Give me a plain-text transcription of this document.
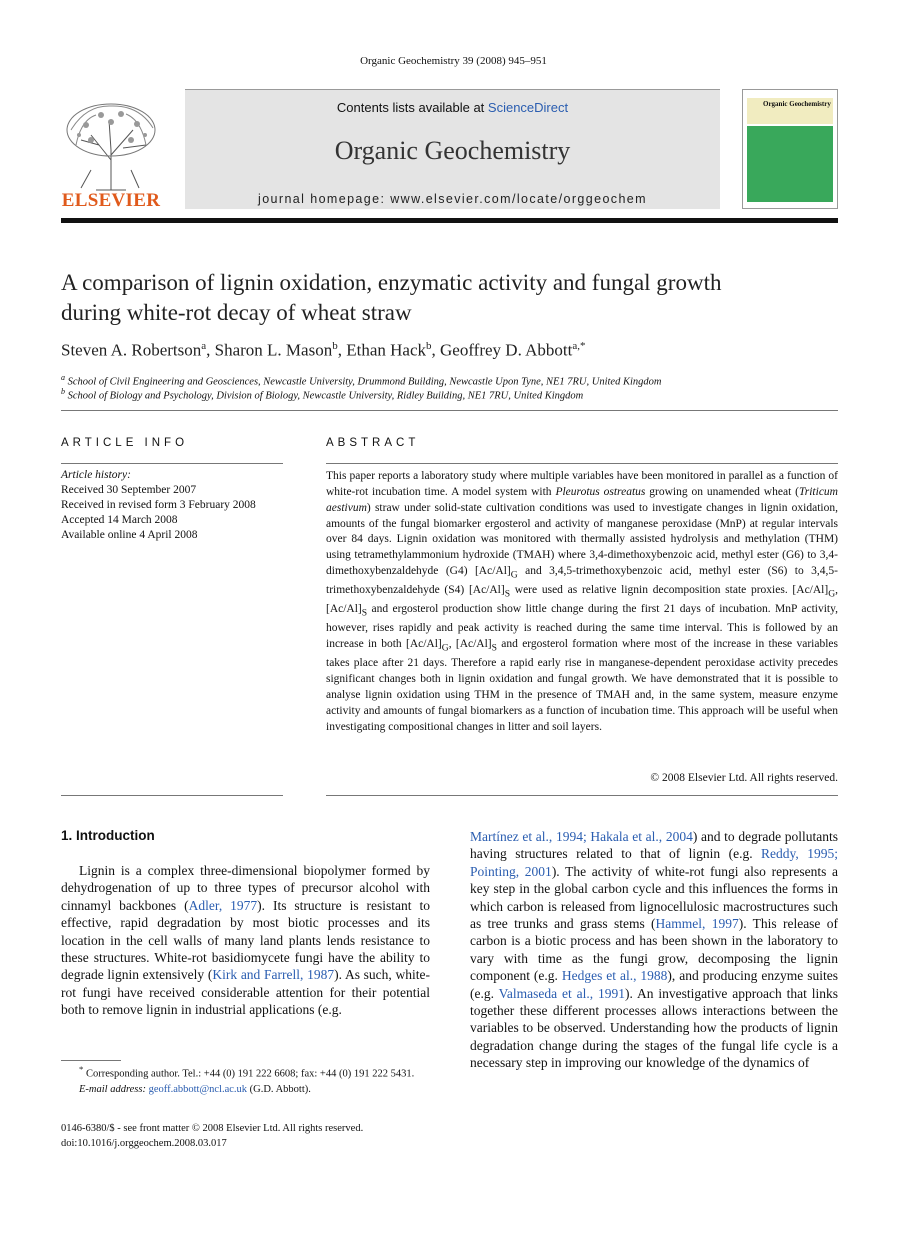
Organic Geochemistry 39 (2008) 945–951
ELSEVIER
Contents lists available at ScienceDirect
Organic Geochemistry
journal homepage: www.elsevier.com/locate/orggeochem
Organic Geochemistry
A comparison of lignin oxidation, enzymatic activity and fungal growth during white-rot decay of wheat straw
Steven A. Robertson$^a$, Sharon L. Mason$^b$, Ethan Hack$^b$, Geoffrey D. Abbott$^{a,*}$
$^a$ School of Civil Engineering and Geosciences, Newcastle University, Drummond Building, Newcastle Upon Tyne, NE1 7RU, United Kingdom
$^b$ School of Biology and Psychology, Division of Biology, Newcastle University, Ridley Building, NE1 7RU, United Kingdom
ARTICLE INFO	ABSTRACT
Article history:
Received 30 September 2007
Received in revised form 3 February 2008
Accepted 14 March 2008
Available online 4 April 2008
This paper reports a laboratory study where multiple variables have been monitored in parallel as a function of white-rot incubation time. A model system with Pleurotus ostreatus growing on unamended wheat (Triticum aestivum) straw under solid-state cultivation conditions was used to investigate changes in lignin oxidation, amounts of the fungal biomarker ergosterol and activity of manganese peroxidase (MnP) at regular intervals over 84 days. Lignin oxidation was monitored with thermally assisted hydrolysis and methylation (THM) using tetramethylammonium hydroxide (TMAH) where 3,4-dimethoxybenzoic acid, methyl ester (G6) to 3,4-dimethoxybenzaldehyde (G4) $[Ac/Al]_G$ and 3,4,5-trimethoxybenzoic acid, methyl ester (S6) to 3,4,5-trimethoxybenzaldehyde (S4) $[Ac/Al]_S$ were used as relative lignin decomposition state proxies. $[Ac/Al]_G$, $[Ac/Al]_S$ and ergosterol production show little change during the first 21 days of incubation. MnP activity, however, rises rapidly and peak activity is reached during the same time interval. This is followed by an increase in both $[Ac/Al]_G$, $[Ac/Al]_S$ and ergosterol formation where most of the increase in these variables takes place after 21 days. Therefore a rapid early rise in manganese-dependent peroxidase activity precedes significant changes both in lignin oxidation and fungal growth. We have demonstrated that it is possible to analyse lignin oxidation using THM in the presence of TMAH and, in the same system, measure enzyme activity and amounts of fungal biomarkers as a function of incubation time. This approach will be useful when investigating compositional changes in litter and soil layers.
© 2008 Elsevier Ltd. All rights reserved.
1. Introduction
Lignin is a complex three-dimensional biopolymer formed by dehydrogenation of up to three types of precursor alcohol with cinnamyl backbones (Adler, 1977). Its structure is resistant to effective, rapid degradation by most biotic processes and its location in the cell walls of many land plants lends resistance to these structures. White-rot basidiomycete fungi have the ability to degrade lignin extensively (Kirk and Farrell, 1987). As such, white-rot fungi have received considerable attention for their potential both to remove lignin in industrial applications (e.g.
Martínez et al., 1994; Hakala et al., 2004) and to degrade pollutants having structures related to that of lignin (e.g. Reddy, 1995; Pointing, 2001). The activity of white-rot fungi also represents a key step in the global carbon cycle and this influences the forms in which carbon is released from lignocellulosic macrostructures such as tree trunks and grass stems (Hammel, 1997). This release of carbon is a biotic process and has been shown in the laboratory to vary with time as the fungi grow, decomposing the lignin component (e.g. Hedges et al., 1988), and producing enzyme suites (e.g. Valmaseda et al., 1991). An investigative approach that links together these different processes allows interactions between the variables to be observed. Understanding how the products of lignin degradation change during the stages of the fungal life cycle is a necessary step in improving our knowledge of the dynamics of
* Corresponding author. Tel.: +44 (0) 191 222 6608; fax: +44 (0) 191 222 5431.
E-mail address: geoff.abbott@ncl.ac.uk (G.D. Abbott).
0146-6380/$ - see front matter © 2008 Elsevier Ltd. All rights reserved.
doi:10.1016/j.orggeochem.2008.03.017
